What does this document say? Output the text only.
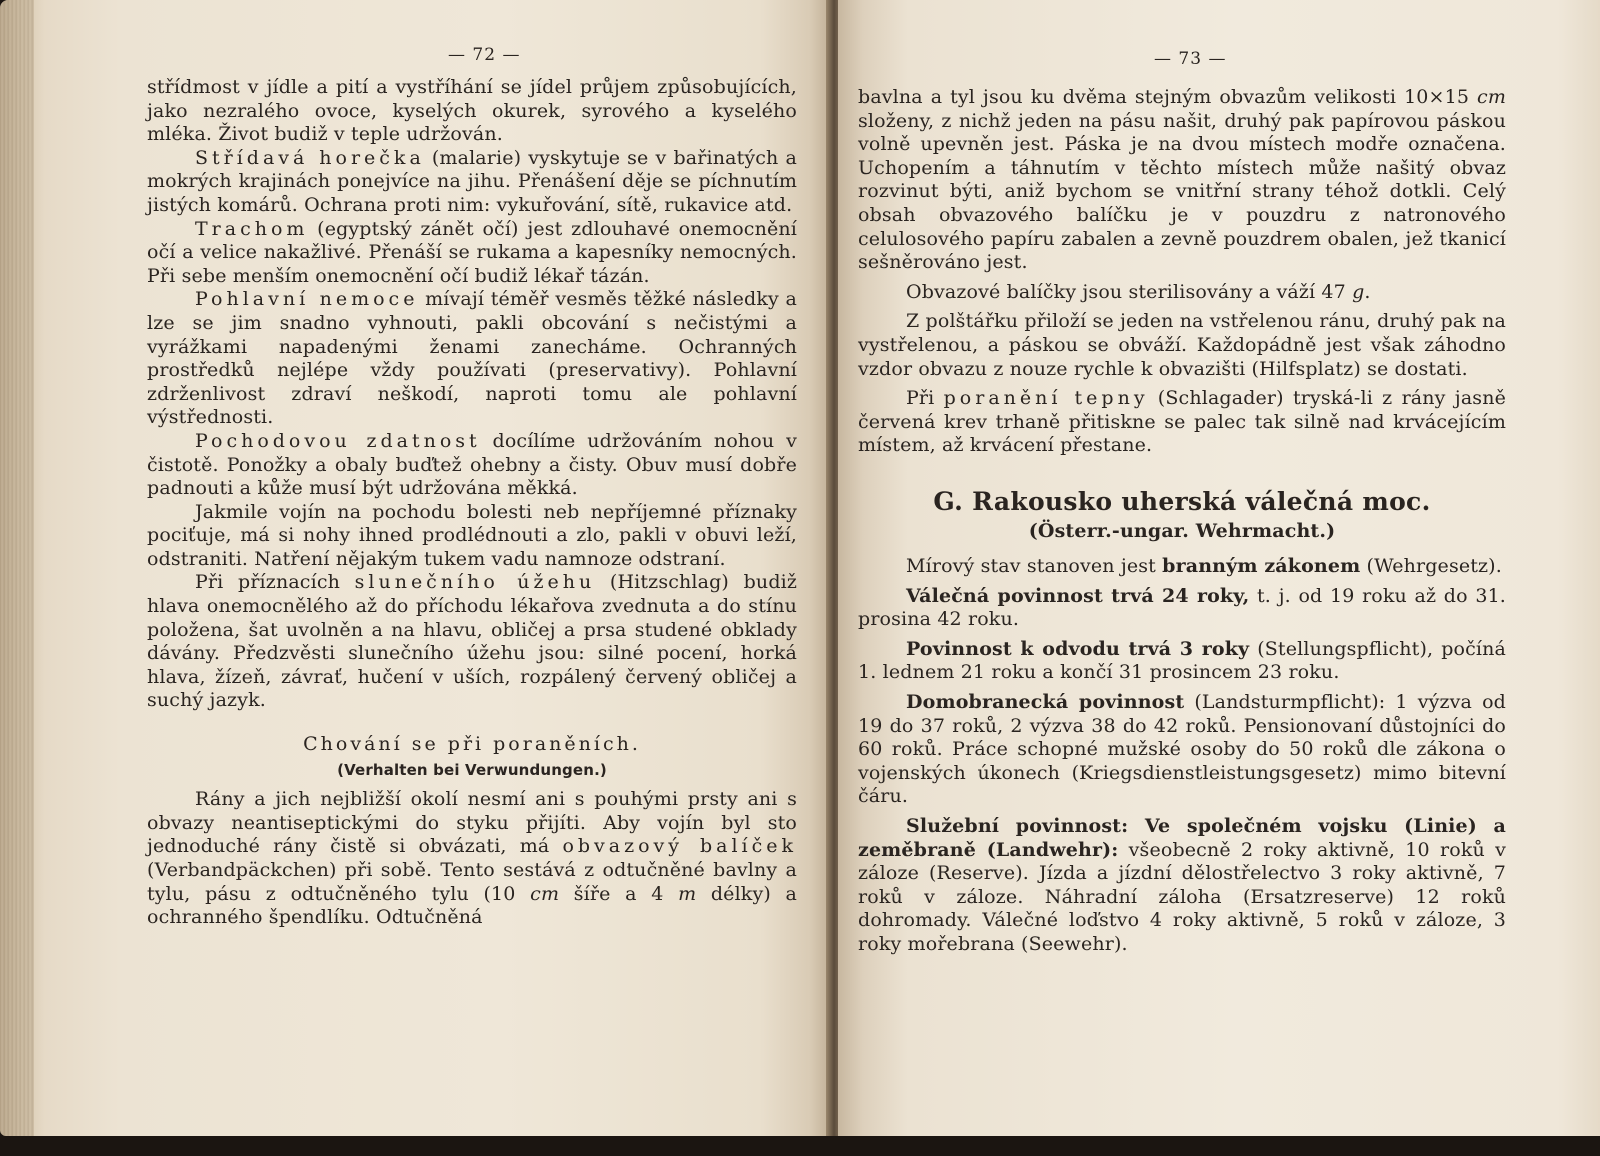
— 72 —

střídmost v jídle a pití a vystříhání se jídel průjem způsobujících, jako nezralého ovoce, kyselých okurek, syrového a kyselého mléka. Život budiž v teple udržován.

Střídavá horečka (malarie) vyskytuje se v bařinatých a mokrých krajinách ponejvíce na jihu. Přenášení děje se píchnutím jistých komárů. Ochrana proti nim: vykuřování, sítě, rukavice atd.

Trachom (egyptský zánět očí) jest zdlouhavé onemocnění očí a velice nakažlivé. Přenáší se rukama a kapesníky nemocných. Při sebe menším onemocnění očí budiž lékař tázán.

Pohlavní nemoce mívají téměř vesměs těžké následky a lze se jim snadno vyhnouti, pakli obcování s nečistými a vyrážkami napadenými ženami zanecháme. Ochranných prostředků nejlépe vždy používati (preservativy). Pohlavní zdrženlivost zdraví neškodí, naproti tomu ale pohlavní výstřednosti.

Pochodovou zdatnost docílíme udržováním nohou v čistotě. Ponožky a obaly buďtež ohebny a čisty. Obuv musí dobře padnouti a kůže musí být udržována měkká.

Jakmile vojín na pochodu bolesti neb nepříjemné příznaky pociťuje, má si nohy ihned prodlédnouti a zlo, pakli v obuvi leží, odstraniti. Natření nějakým tukem vadu namnoze odstraní.

Při příznacích slunečního úžehu (Hitzschlag) budiž hlava onemocnělého až do příchodu lékařova zvednuta a do stínu položena, šat uvolněn a na hlavu, obličej a prsa studené obklady dávány. Předzvěsti slunečního úžehu jsou: silné pocení, horká hlava, žízeň, závrať, hučení v uších, rozpálený červený obličej a suchý jazyk.

Chování se při poraněních.
(Verhalten bei Verwundungen.)

Rány a jich nejbližší okolí nesmí ani s pouhými prsty ani s obvazy neantiseptickými do styku přijíti. Aby vojín byl sto jednoduché rány čistě si obvázati, má obvazový balíček (Verbandpäckchen) při sobě. Tento sestává z odtučněné bavlny a tylu, pásu z odtučněného tylu (10 cm šíře a 4 m délky) a ochranného špendlíku. Odtučněná

— 73 —

bavlna a tyl jsou ku dvěma stejným obvazům velikosti 10×15 cm složeny, z nichž jeden na pásu našit, druhý pak papírovou páskou volně upevněn jest. Páska je na dvou místech modře označena. Uchopením a táhnutím v těchto místech může našitý obvaz rozvinut býti, aniž bychom se vnitřní strany téhož dotkli. Celý obsah obvazového balíčku je v pouzdru z natronového celulosového papíru zabalen a zevně pouzdrem obalen, jež tkanicí sešněrováno jest.

Obvazové balíčky jsou sterilisovány a váží 47 g.

Z polštářku přiloží se jeden na vstřelenou ránu, druhý pak na vystřelenou, a páskou se obváží. Každopádně jest však záhodno vzdor obvazu z nouze rychle k obvazišti (Hilfsplatz) se dostati.

Při poranění tepny (Schlagader) tryská-li z rány jasně červená krev trhaně přitiskne se palec tak silně nad krvácejícím místem, až krvácení přestane.

G. Rakousko uherská válečná moc.
(Österr.-ungar. Wehrmacht.)

Mírový stav stanoven jest branným zákonem (Wehrgesetz).

Válečná povinnost trvá 24 roky, t. j. od 19 roku až do 31. prosina 42 roku.

Povinnost k odvodu trvá 3 roky (Stellungspflicht), počíná 1. lednem 21 roku a končí 31 prosincem 23 roku.

Domobranecká povinnost (Landsturmpflicht): 1 výzva od 19 do 37 roků, 2 výzva 38 do 42 roků. Pensionovaní důstojníci do 60 roků. Práce schopné mužské osoby do 50 roků dle zákona o vojenských úkonech (Kriegsdienstleistungsgesetz) mimo bitevní čáru.

Služební povinnost: Ve společném vojsku (Linie) a zeměbraně (Landwehr): všeobecně 2 roky aktivně, 10 roků v záloze (Reserve). Jízda a jízdní dělostřelectvo 3 roky aktivně, 7 roků v záloze. Náhradní záloha (Ersatzreserve) 12 roků dohromady. Válečné loďstvo 4 roky aktivně, 5 roků v záloze, 3 roky mořebrana (Seewehr).
